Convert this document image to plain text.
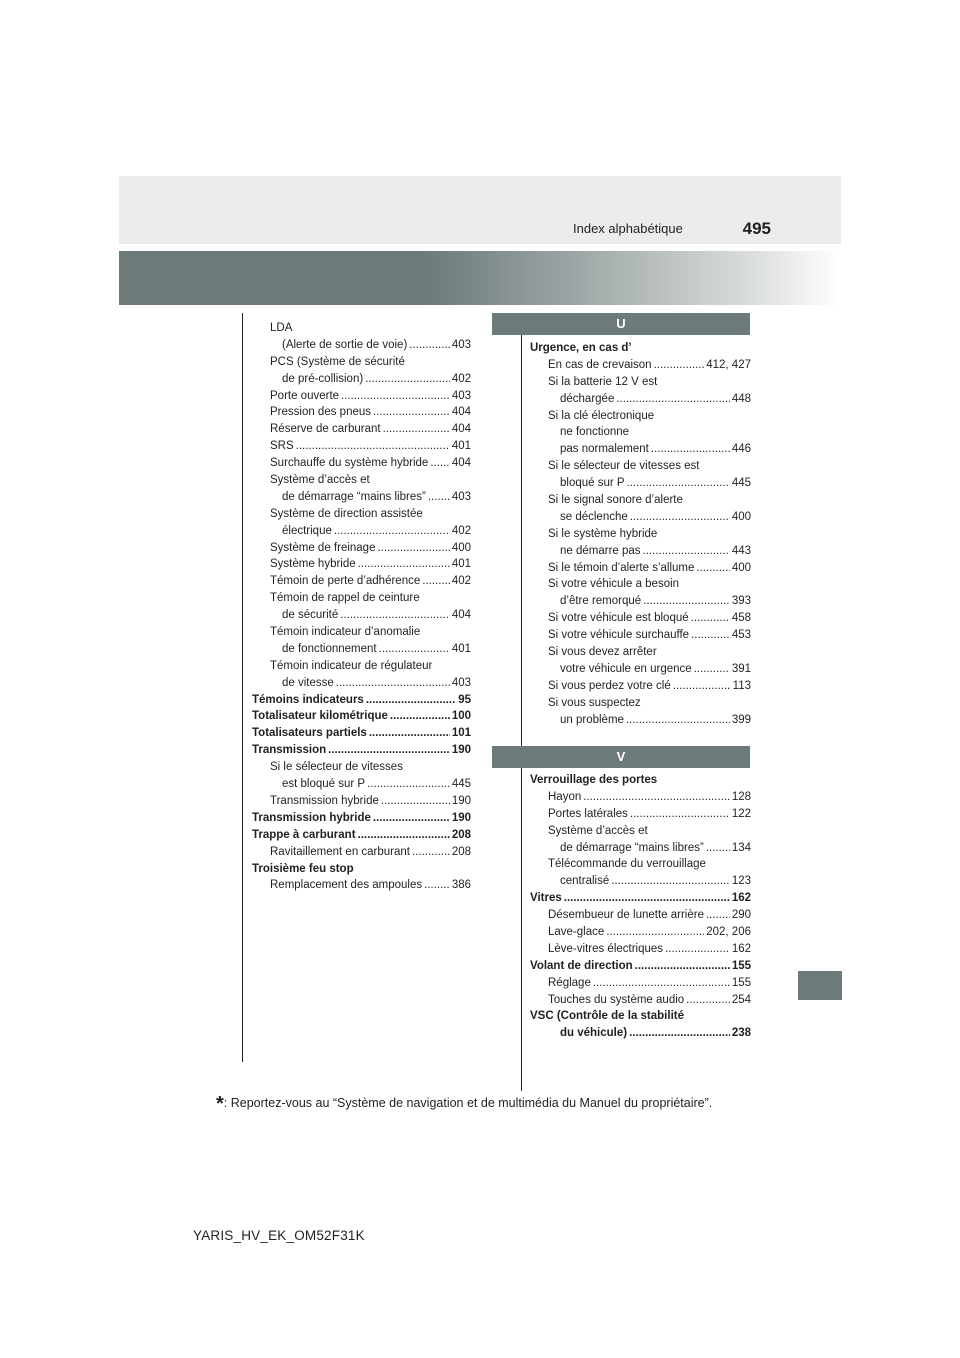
Index alphabétique	495
LDA
(Alerte de sortie de voie) .....	403
PCS (Système de sécurité
de pré-collision) .....	402
Porte ouverte .....	403
Pression des pneus .....	404
Réserve de carburant .....	404
SRS .....	401
Surchauffe du système hybride ..... 404
Système d’accès et
de démarrage “mains libres” ..... 403
Système de direction assistée
électrique .....	402
Système de freinage .....	400
Système hybride .....	401
Témoin de perte d’adhérence .....	402
Témoin de rappel de ceinture
de sécurité .....	404
Témoin indicateur d’anomalie
de fonctionnement .....	401
Témoin indicateur de régulateur
de vitesse .....	403
Témoins indicateurs .....	95
Totalisateur kilométrique .....	100
Totalisateurs partiels .....	101
Transmission .....	190
Si le sélecteur de vitesses
est bloqué sur P .....	445
Transmission hybride .....	190
Transmission hybride .....	190
Trappe à carburant .....	208
Ravitaillement en carburant .....	208
Troisième feu stop
Remplacement des ampoules .....	386
U
Urgence, en cas d’
En cas de crevaison .....	412, 427
Si la batterie 12 V est
déchargée .....	448
Si la clé électronique
ne fonctionne
pas normalement .....	446
Si le sélecteur de vitesses est
bloqué sur P .....	445
Si le signal sonore d’alerte
se déclenche .....	400
Si le système hybride
ne démarre pas .....	443
Si le témoin d’alerte s’allume .....	400
Si votre véhicule a besoin
d’être remorqué .....	393
Si votre véhicule est bloqué .....	458
Si votre véhicule surchauffe .....	453
Si vous devez arrêter
votre véhicule en urgence .....	391
Si vous perdez votre clé .....	113
Si vous suspectez
un problème .....	399
V
Verrouillage des portes
Hayon .....	128
Portes latérales .....	122
Système d’accès et
de démarrage “mains libres” ..... 134
Télécommande du verrouillage
centralisé .....	123
Vitres .....	162
Désembueur de lunette arrière ..... 290
Lave-glace .....	202, 206
Lève-vitres électriques .....	162
Volant de direction .....	155
Réglage .....	155
Touches du système audio .....	254
VSC (Contrôle de la stabilité
du véhicule) .....	238
*: Reportez-vous au “Système de navigation et de multimédia du Manuel du propriétaire”.
YARIS_HV_EK_OM52F31K
